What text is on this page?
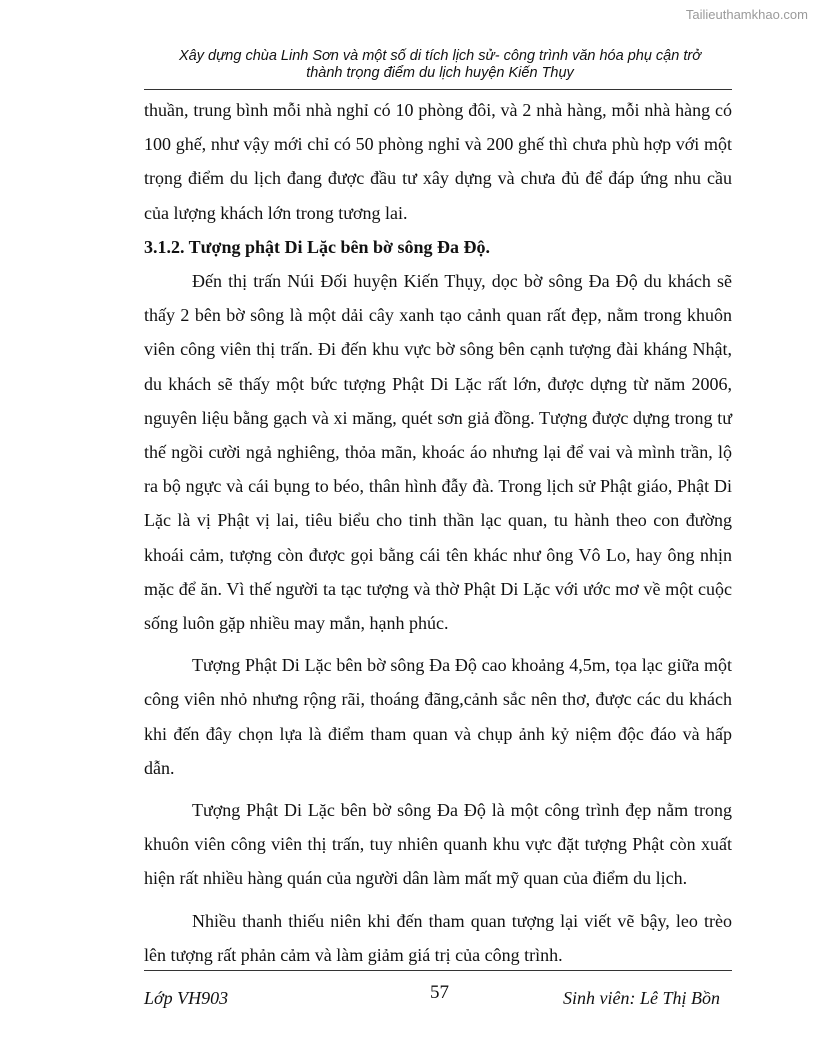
Tailieuthamkhao.com
Xây dựng chùa Linh Sơn và một số di tích lịch sử- công trình văn hóa phụ cận trở
thành trọng điểm du lịch huyện Kiến Thụy

thuần, trung bình mỗi nhà nghỉ có 10 phòng đôi, và 2 nhà hàng, mỗi nhà hàng có 100 ghế, như vậy mới chỉ có 50 phòng nghỉ và 200 ghế thì chưa phù hợp với một trọng điểm du lịch đang được đầu tư xây dựng và chưa đủ để đáp ứng nhu cầu của lượng khách lớn trong tương lai.

3.1.2. Tượng phật Di Lặc bên bờ sông Đa Độ.

Đến thị trấn Núi Đối huyện Kiến Thụy, dọc bờ sông Đa Độ du khách sẽ thấy 2 bên bờ sông là một dải cây xanh tạo cảnh quan rất đẹp, nằm trong khuôn viên công viên thị trấn. Đi đến khu vực bờ sông bên cạnh tượng đài kháng Nhật, du khách sẽ thấy một bức tượng Phật Di Lặc rất lớn, được dựng từ năm 2006, nguyên liệu bằng gạch và xi măng, quét sơn giả đồng. Tượng được dựng trong tư thế ngồi cười ngả nghiêng, thỏa mãn, khoác áo nhưng lại để vai và mình trần, lộ ra bộ ngực và cái bụng to béo, thân hình đẫy đà. Trong lịch sử Phật giáo, Phật Di Lặc là vị Phật vị lai, tiêu biểu cho tinh thần lạc quan, tu hành theo con đường khoái cảm, tượng còn được gọi bằng cái tên khác như ông Vô Lo, hay ông nhịn mặc để ăn. Vì thế người ta tạc tượng và thờ Phật Di Lặc với ước mơ về một cuộc sống luôn gặp nhiều may mắn, hạnh phúc.

Tượng Phật Di Lặc bên bờ sông Đa Độ cao khoảng 4,5m, tọa lạc giữa một công viên nhỏ nhưng rộng rãi, thoáng đãng,cảnh sắc nên thơ, được các du khách khi đến đây chọn lựa là điểm tham quan và chụp ảnh kỷ niệm độc đáo và hấp dẫn.

Tượng Phật Di Lặc bên bờ sông Đa Độ là một công trình đẹp nằm trong khuôn viên công viên thị trấn, tuy nhiên quanh khu vực đặt tượng Phật còn xuất hiện rất nhiều hàng quán của người dân làm mất mỹ quan của điểm du lịch.

Nhiều thanh thiếu niên khi đến tham quan tượng lại viết vẽ bậy, leo trèo lên tượng rất phản cảm và làm giảm giá trị của công trình.

Lớp VH903	57	Sinh viên: Lê Thị Bồn
